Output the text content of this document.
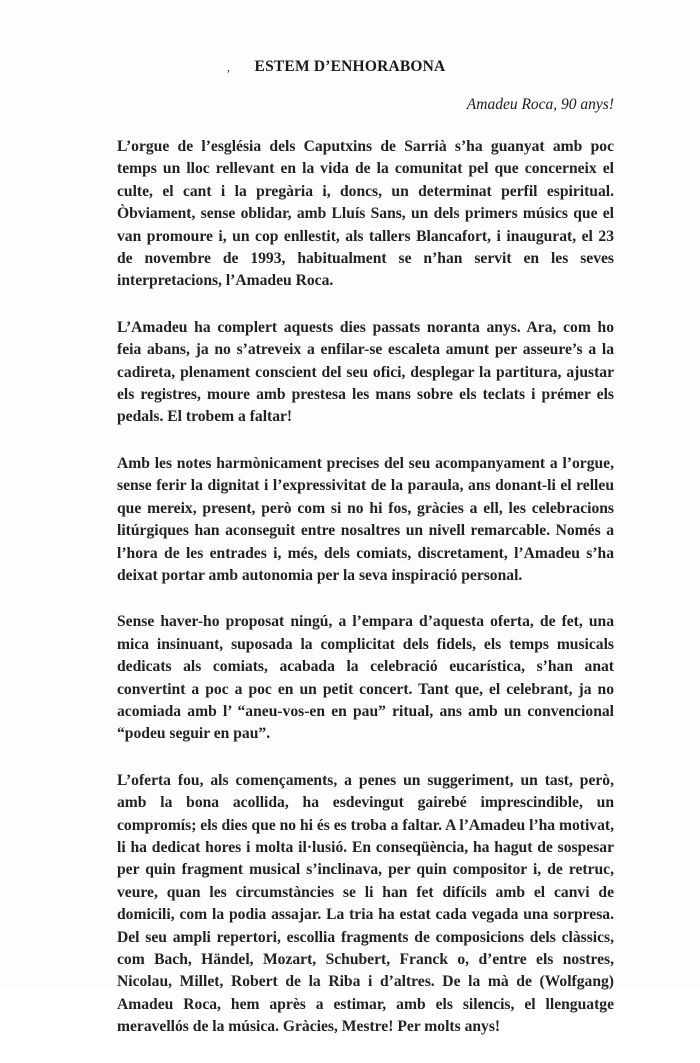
,	ESTEM D’ENHORABONA
Amadeu Roca, 90 anys!

L’orgue de l’església dels Caputxins de Sarrià s’ha guanyat amb poc temps un lloc rellevant en la vida de la comunitat pel que concerneix el culte, el cant i la pregària i, doncs, un determinat perfil espiritual. Òbviament, sense oblidar, amb Lluís Sans, un dels primers músics que el van promoure i, un cop enllestit, als tallers Blancafort, i inaugurat, el 23 de novembre de 1993, habitualment se n’han servit en les seves interpretacions, l’Amadeu Roca.

L’Amadeu ha complert aquests dies passats noranta anys. Ara, com ho feia abans, ja no s’atreveix a enfilar-se escaleta amunt per asseure’s a la cadireta, plenament conscient del seu ofici, desplegar la partitura, ajustar els registres, moure amb prestesa les mans sobre els teclats i prémer els pedals. El trobem a faltar!

Amb les notes harmònicament precises del seu acompanyament a l’orgue, sense ferir la dignitat i l’expressivitat de la paraula, ans donant-li el relleu que mereix, present, però com si no hi fos, gràcies a ell, les celebracions litúrgiques han aconseguit entre nosaltres un nivell remarcable. Només a l’hora de les entrades i, més, dels comiats, discretament, l’Amadeu s’ha deixat portar amb autonomia per la seva inspiració personal.

Sense haver-ho proposat ningú, a l’empara d’aquesta oferta, de fet, una mica insinuant, suposada la complicitat dels fidels, els temps musicals dedicats als comiats, acabada la celebració eucarística, s’han anat convertint a poc a poc en un petit concert. Tant que, el celebrant, ja no acomiada amb l’ “aneu-vos-en en pau” ritual, ans amb un convencional “podeu seguir en pau”.

L’oferta fou, als començaments, a penes un suggeriment, un tast, però, amb la bona acollida, ha esdevingut gairebé imprescindible, un compromís; els dies que no hi és es troba a faltar. A l’Amadeu l’ha motivat, li ha dedicat hores i molta il·lusió. En conseqüència, ha hagut de sospesar per quin fragment musical s’inclinava, per quin compositor i, de retruc, veure, quan les circumstàncies se li han fet difícils amb el canvi de domicili, com la podia assajar. La tria ha estat cada vegada una sorpresa. Del seu ampli repertori, escollia fragments de composicions dels clàssics, com Bach, Händel, Mozart, Schubert, Franck o, d’entre els nostres, Nicolau, Millet, Robert de la Riba i d’altres. De la mà de (Wolfgang) Amadeu Roca, hem après a estimar, amb els silencis, el llenguatge meravellós de la música. Gràcies, Mestre! Per molts anys!
